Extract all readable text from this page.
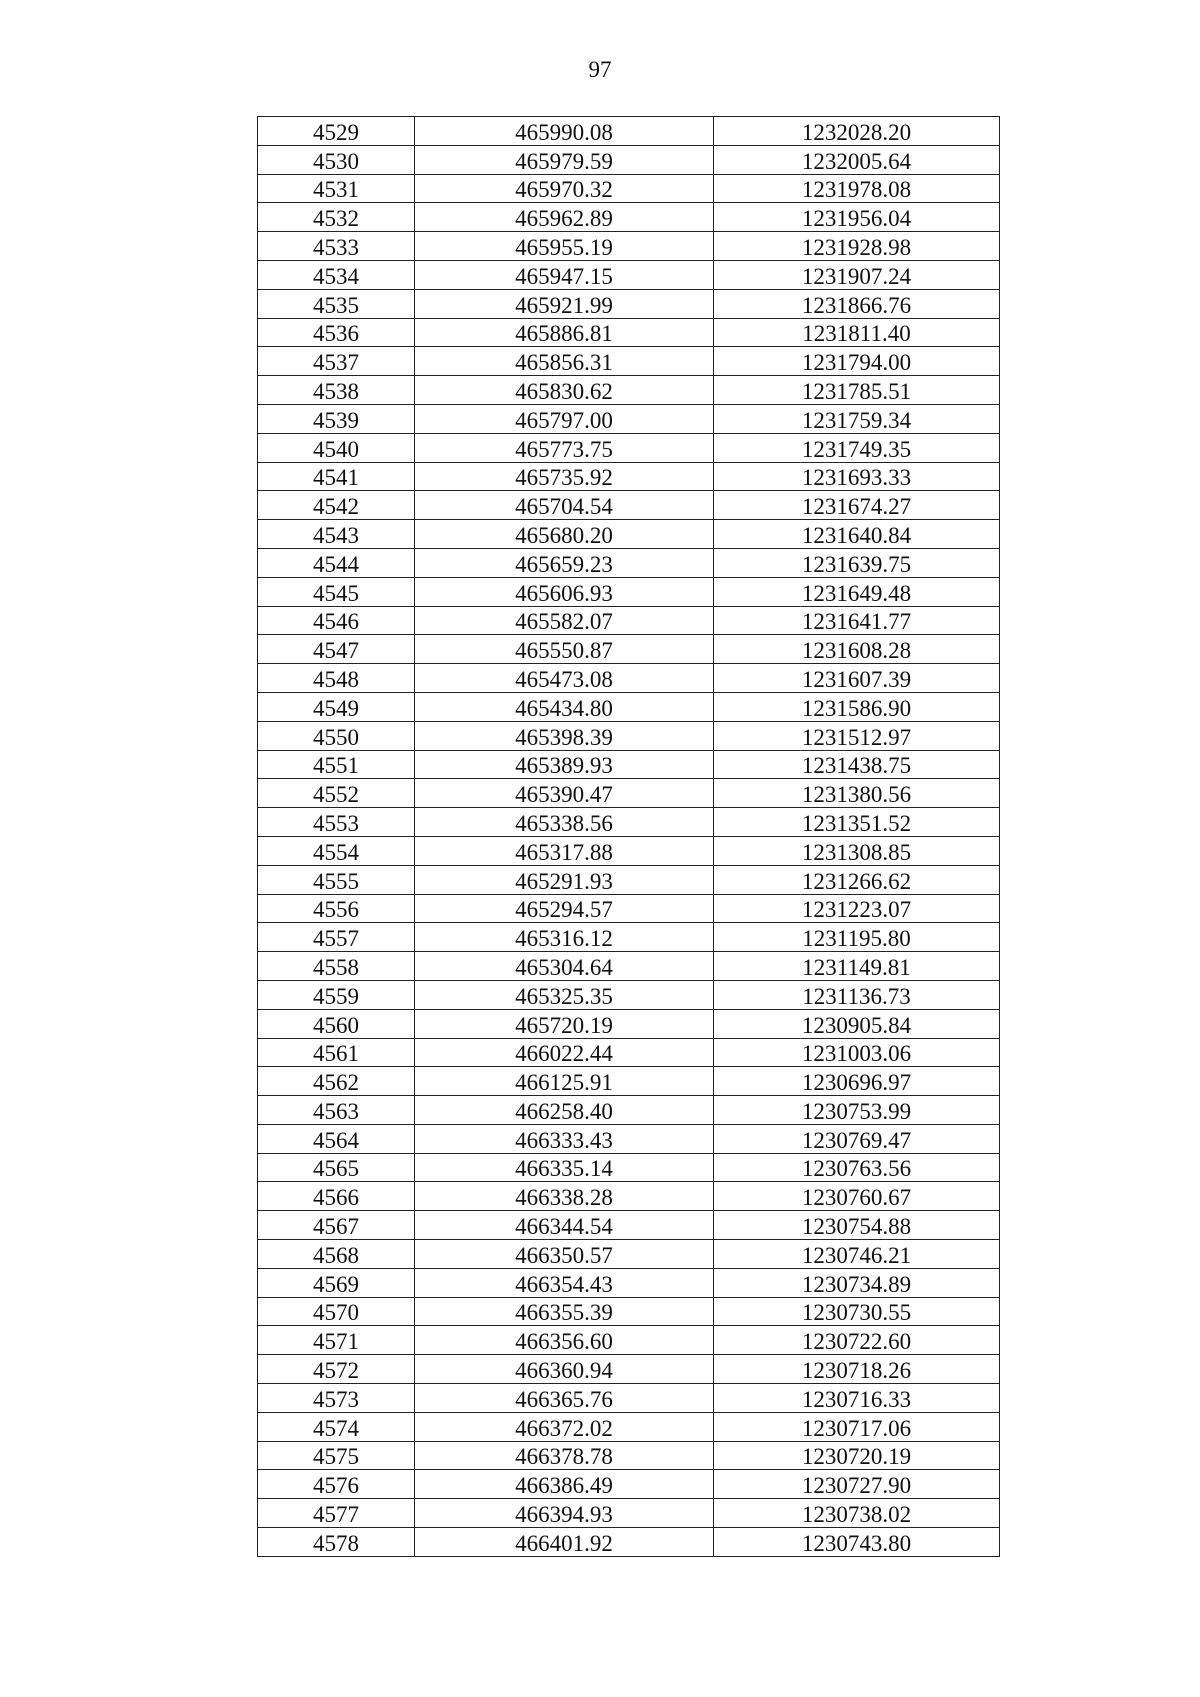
97
4529	465990.08	1232028.20
4530	465979.59	1232005.64
4531	465970.32	1231978.08
4532	465962.89	1231956.04
4533	465955.19	1231928.98
4534	465947.15	1231907.24
4535	465921.99	1231866.76
4536	465886.81	1231811.40
4537	465856.31	1231794.00
4538	465830.62	1231785.51
4539	465797.00	1231759.34
4540	465773.75	1231749.35
4541	465735.92	1231693.33
4542	465704.54	1231674.27
4543	465680.20	1231640.84
4544	465659.23	1231639.75
4545	465606.93	1231649.48
4546	465582.07	1231641.77
4547	465550.87	1231608.28
4548	465473.08	1231607.39
4549	465434.80	1231586.90
4550	465398.39	1231512.97
4551	465389.93	1231438.75
4552	465390.47	1231380.56
4553	465338.56	1231351.52
4554	465317.88	1231308.85
4555	465291.93	1231266.62
4556	465294.57	1231223.07
4557	465316.12	1231195.80
4558	465304.64	1231149.81
4559	465325.35	1231136.73
4560	465720.19	1230905.84
4561	466022.44	1231003.06
4562	466125.91	1230696.97
4563	466258.40	1230753.99
4564	466333.43	1230769.47
4565	466335.14	1230763.56
4566	466338.28	1230760.67
4567	466344.54	1230754.88
4568	466350.57	1230746.21
4569	466354.43	1230734.89
4570	466355.39	1230730.55
4571	466356.60	1230722.60
4572	466360.94	1230718.26
4573	466365.76	1230716.33
4574	466372.02	1230717.06
4575	466378.78	1230720.19
4576	466386.49	1230727.90
4577	466394.93	1230738.02
4578	466401.92	1230743.80
